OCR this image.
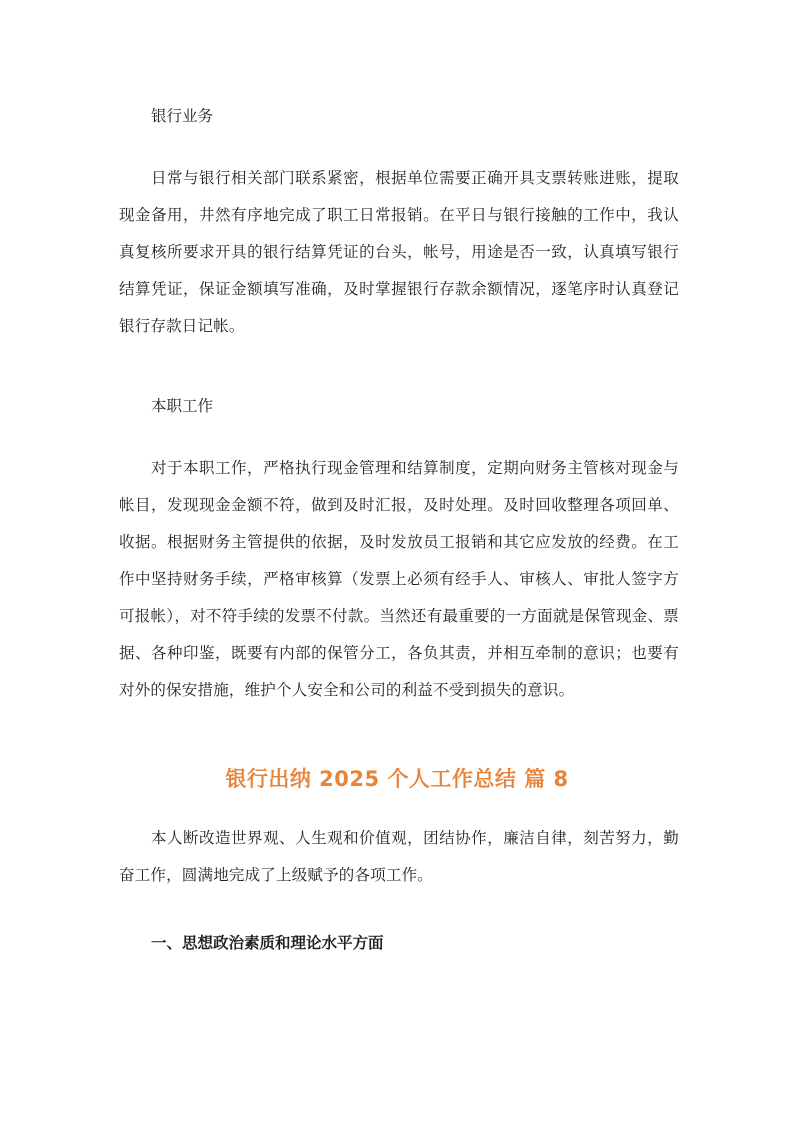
银行业务

日常与银行相关部门联系紧密，根据单位需要正确开具支票转账进账，提取现金备用，井然有序地完成了职工日常报销。在平日与银行接触的工作中，我认真复核所要求开具的银行结算凭证的台头，帐号，用途是否一致，认真填写银行结算凭证，保证金额填写准确，及时掌握银行存款余额情况，逐笔序时认真登记银行存款日记帐。

本职工作

对于本职工作，严格执行现金管理和结算制度，定期向财务主管核对现金与帐目，发现现金金额不符，做到及时汇报，及时处理。及时回收整理各项回单、收据。根据财务主管提供的依据，及时发放员工报销和其它应发放的经费。在工作中坚持财务手续，严格审核算（发票上必须有经手人、审核人、审批人签字方可报帐），对不符手续的发票不付款。当然还有最重要的一方面就是保管现金、票据、各种印鉴，既要有内部的保管分工，各负其责，并相互牵制的意识；也要有对外的保安措施，维护个人安全和公司的利益不受到损失的意识。

银行出纳 2025 个人工作总结 篇 8

本人断改造世界观、人生观和价值观，团结协作，廉洁自律，刻苦努力，勤奋工作，圆满地完成了上级赋予的各项工作。

一、思想政治素质和理论水平方面
